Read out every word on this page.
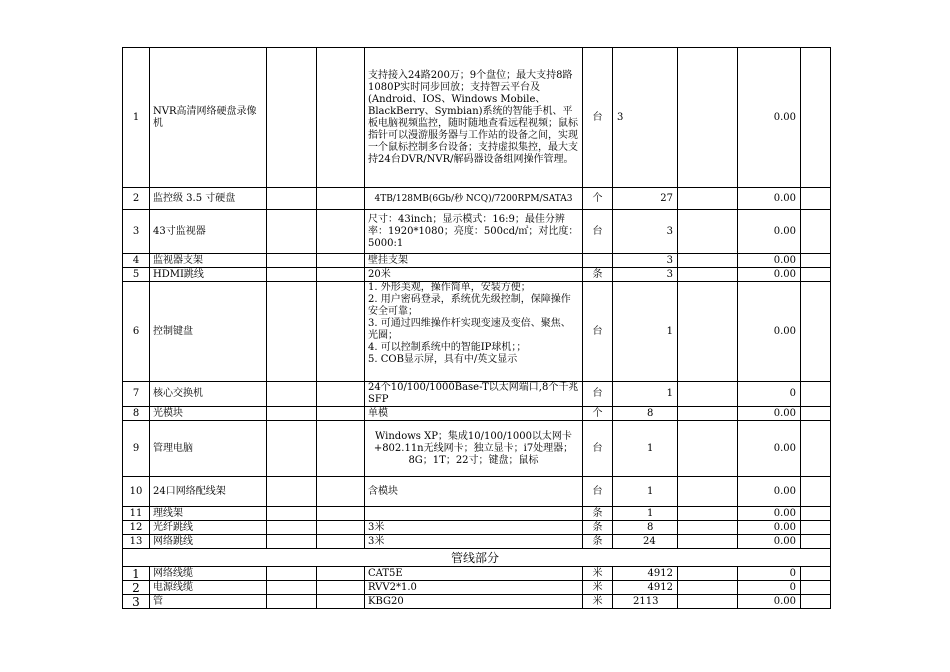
1	NVR高清网络硬盘录像机			支持接入24路200万；9个盘位；最大支持8路1080P实时同步回放；支持智云平台及(Android、IOS、Windows Mobile、BlackBerry、Symbian)系统的智能手机、平板电脑视频监控，随时随地查看远程视频；鼠标指针可以漫游服务器与工作站的设备之间，实现一个鼠标控制多台设备；支持虚拟集控，最大支持24台DVR/NVR/解码器设备组网操作管理。	台	3		0.00	
2	监控级 3.5 寸硬盘			4TB/128MB(6Gb/秒 NCQ)/7200RPM/SATA3	个	27		0.00	
3	43寸监视器			尺寸：43inch；显示模式：16:9；最佳分辨率：1920*1080；亮度：500cd/㎡；对比度：5000:1	台	3		0.00	
4	监视器支架			壁挂支架		3		0.00	
5	HDMI跳线			20米	条	3		0.00	
6	控制键盘			1. 外形美观，操作简单，安装方便；
2. 用户密码登录，系统优先级控制，保障操作安全可靠；
3. 可通过四维操作杆实现变速及变倍、聚焦、光圈；
4. 可以控制系统中的智能IP球机；；
5. COB显示屏，具有中/英文显示	台	1		0.00	
7	核心交换机			24个10/100/1000Base-T以太网端口,8个千兆SFP	台	1		0	
8	光模块			单模	个	8		0.00	
9	管理电脑			Windows XP；集成10/100/1000以太网卡+802.11n无线网卡；独立显卡；i7处理器；8G；1T；22寸；键盘；鼠标	台	1		0.00	
10	24口网络配线架			含模块	台	1		0.00	
11	理线架				条	1		0.00	
12	光纤跳线			3米	条	8		0.00	
13	网络跳线			3米	条	24		0.00	
	管线部分								
1	网络线缆			CAT5E	米	4912		0	
2	电源线缆			RVV2*1.0	米	4912		0	
3	管			KBG20	米	2113		0.00	
